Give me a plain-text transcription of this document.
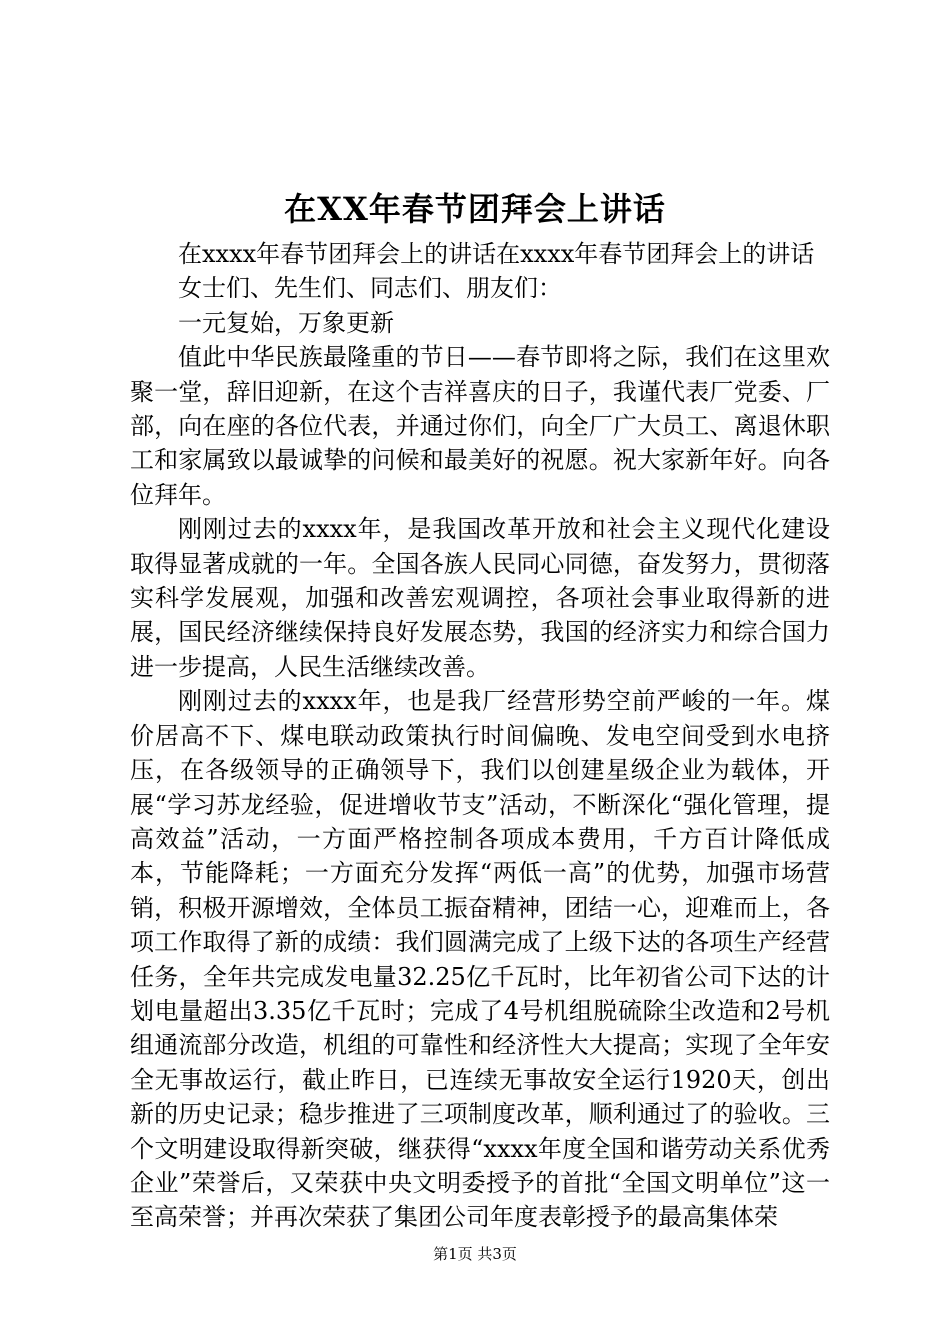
在XX年春节团拜会上讲话

在xxxx年春节团拜会上的讲话在xxxx年春节团拜会上的讲话

女士们、先生们、同志们、朋友们：

一元复始，万象更新

值此中华民族最隆重的节日——春节即将之际，我们在这里欢聚一堂，辞旧迎新，在这个吉祥喜庆的日子，我谨代表厂党委、厂部，向在座的各位代表，并通过你们，向全厂广大员工、离退休职工和家属致以最诚挚的问候和最美好的祝愿。祝大家新年好。向各位拜年。

刚刚过去的xxxx年，是我国改革开放和社会主义现代化建设取得显著成就的一年。全国各族人民同心同德，奋发努力，贯彻落实科学发展观，加强和改善宏观调控，各项社会事业取得新的进展，国民经济继续保持良好发展态势，我国的经济实力和综合国力进一步提高，人民生活继续改善。

刚刚过去的xxxx年，也是我厂经营形势空前严峻的一年。煤价居高不下、煤电联动政策执行时间偏晚、发电空间受到水电挤压，在各级领导的正确领导下，我们以创建星级企业为载体，开展“学习苏龙经验，促进增收节支”活动，不断深化“强化管理，提高效益”活动，一方面严格控制各项成本费用，千方百计降低成本，节能降耗；一方面充分发挥“两低一高”的优势，加强市场营销，积极开源增效，全体员工振奋精神，团结一心，迎难而上，各项工作取得了新的成绩：我们圆满完成了上级下达的各项生产经营任务，全年共完成发电量32.25亿千瓦时，比年初省公司下达的计划电量超出3.35亿千瓦时；完成了4号机组脱硫除尘改造和2号机组通流部分改造，机组的可靠性和经济性大大提高；实现了全年安全无事故运行，截止昨日，已连续无事故安全运行1920天，创出新的历史记录；稳步推进了三项制度改革，顺利通过了的验收。三个文明建设取得新突破，继获得“xxxx年度全国和谐劳动关系优秀企业”荣誉后，又荣获中央文明委授予的首批“全国文明单位”这一至高荣誉；并再次荣获了集团公司年度表彰授予的最高集体荣

第1页 共3页
